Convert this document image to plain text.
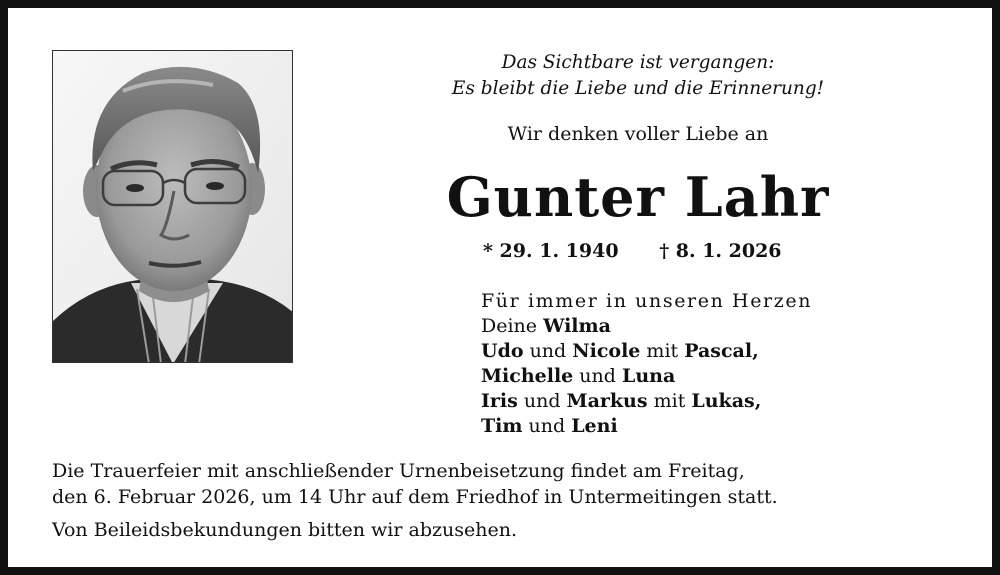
Das Sichtbare ist vergangen:
Es bleibt die Liebe und die Erinnerung!
Wir denken voller Liebe an
Gunter Lahr
* 29. 1. 1940 † 8. 1. 2026
Für immer in unseren Herzen
Deine Wilma
Udo und Nicole mit Pascal,
Michelle und Luna
Iris und Markus mit Lukas,
Tim und Leni
Die Trauerfeier mit anschließender Urnenbeisetzung findet am Freitag,
den 6. Februar 2026, um 14 Uhr auf dem Friedhof in Untermeitingen statt.
Von Beileidsbekundungen bitten wir abzusehen.
